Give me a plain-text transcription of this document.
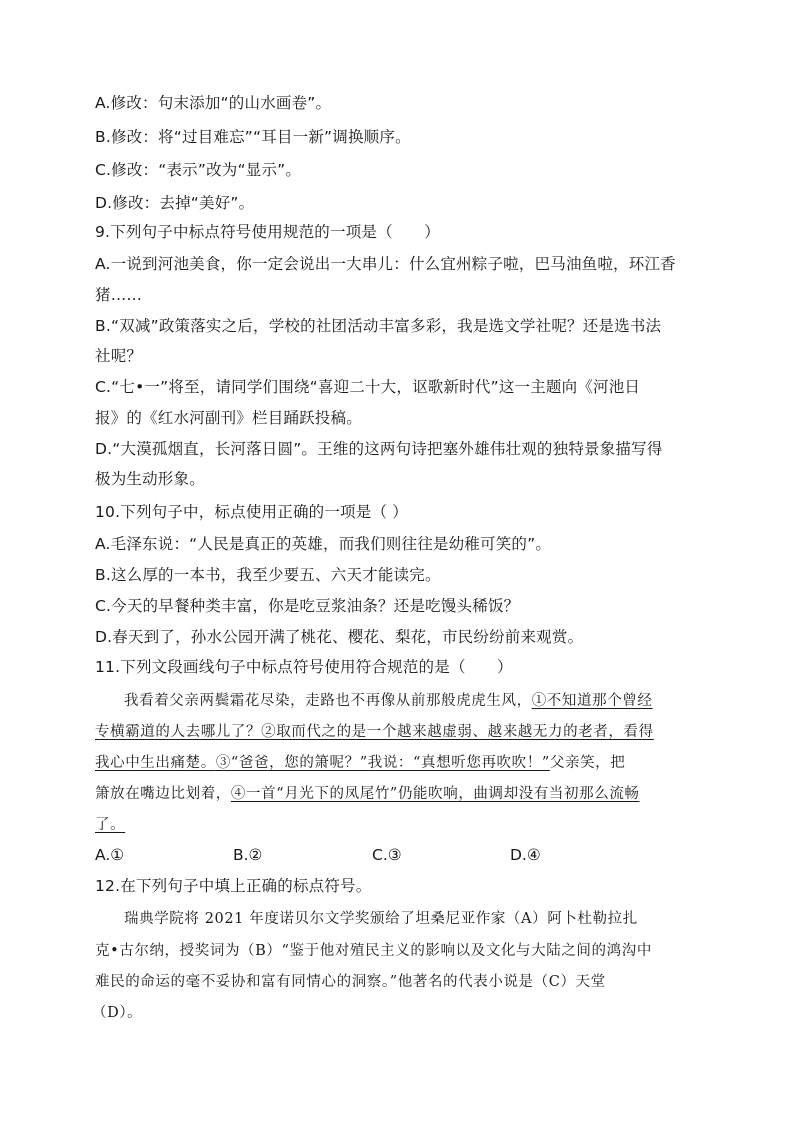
A.修改：句末添加“的山水画卷”。
B.修改：将“过目难忘”“耳目一新”调换顺序。
C.修改：“表示”改为“显示”。
D.修改：去掉“美好”。
9.下列句子中标点符号使用规范的一项是（　　）
A.一说到河池美食，你一定会说出一大串儿：什么宜州粽子啦，巴马油鱼啦，环江香
猪……
B.“双减”政策落实之后，学校的社团活动丰富多彩，我是选文学社呢？还是选书法
社呢？
C.“七•一”将至，请同学们围绕“喜迎二十大，讴歌新时代”这一主题向《河池日
报》的《红水河副刊》栏目踊跃投稿。
D.“大漠孤烟直，长河落日圆”。王维的这两句诗把塞外雄伟壮观的独特景象描写得
极为生动形象。
10.下列句子中，标点使用正确的一项是（ ）
A.毛泽东说：“人民是真正的英雄，而我们则往往是幼稚可笑的”。
B.这么厚的一本书，我至少要五、六天才能读完。
C.今天的早餐种类丰富，你是吃豆浆油条？还是吃馒头稀饭？
D.春天到了，孙水公园开满了桃花、樱花、梨花，市民纷纷前来观赏。
11.下列文段画线句子中标点符号使用符合规范的是（　　）
我看着父亲两鬓霜花尽染，走路也不再像从前那般虎虎生风，①不知道那个曾经
专横霸道的人去哪儿了？②取而代之的是一个越来越虚弱、越来越无力的老者，看得
我心中生出痛楚。③“爸爸，您的箫呢？”我说：“真想听您再吹吹！”父亲笑，把
箫放在嘴边比划着，④一首“月光下的凤尾竹”仍能吹响，曲调却没有当初那么流畅
了。
A.①	B.②	C.③	D.④
12.在下列句子中填上正确的标点符号。
瑞典学院将 2021 年度诺贝尔文学奖颁给了坦桑尼亚作家（A）阿卜杜勒拉扎
克•古尔纳，授奖词为（B）“鉴于他对殖民主义的影响以及文化与大陆之间的鸿沟中
难民的命运的毫不妥协和富有同情心的洞察。”他著名的代表小说是（C）天堂
（D）。
